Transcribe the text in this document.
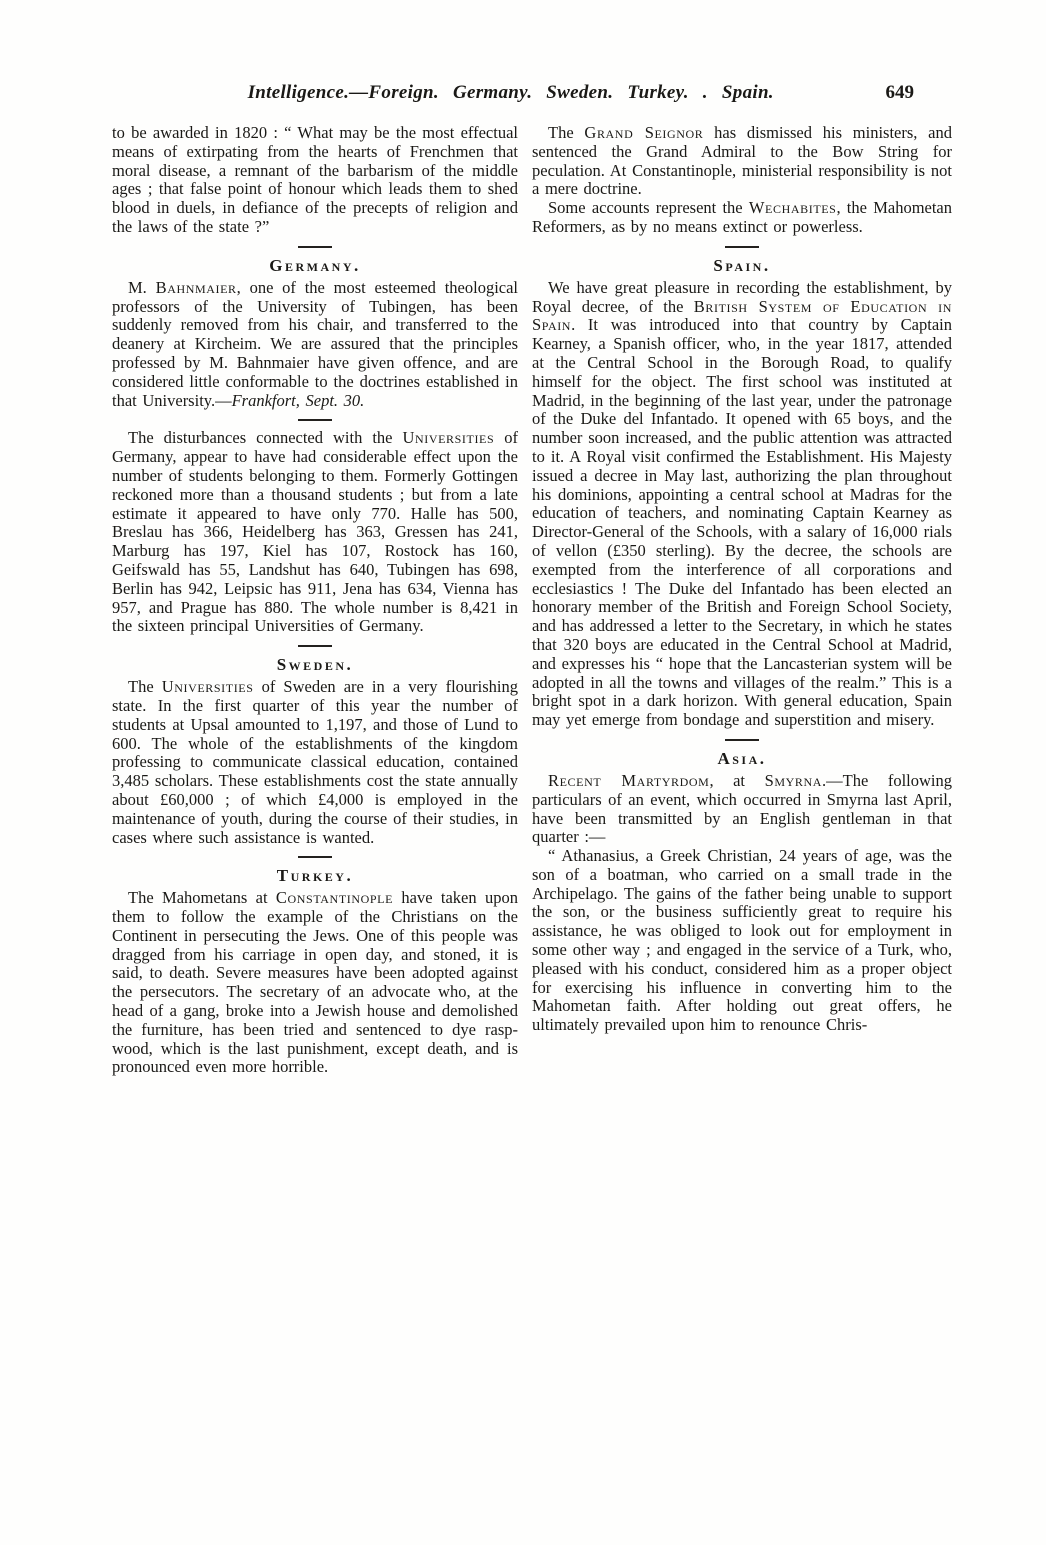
Intelligence.—Foreign. Germany. Sweden. Turkey. . Spain.	649

to be awarded in 1820 : “ What may be the most effectual means of extirpating from the hearts of Frenchmen that moral disease, a remnant of the barbarism of the middle ages ; that false point of honour which leads them to shed blood in duels, in defiance of the precepts of religion and the laws of the state ?”

Germany.

M. Bahnmaier, one of the most esteemed theological professors of the University of Tubingen, has been suddenly removed from his chair, and transferred to the deanery at Kircheim. We are assured that the principles professed by M. Bahnmaier have given offence, and are considered little conformable to the doctrines established in that University.—Frankfort, Sept. 30.

The disturbances connected with the Universities of Germany, appear to have had considerable effect upon the number of students belonging to them. Formerly Gottingen reckoned more than a thousand students ; but from a late estimate it appeared to have only 770. Halle has 500, Breslau has 366, Heidelberg has 363, Gressen has 241, Marburg has 197, Kiel has 107, Rostock has 160, Geifswald has 55, Landshut has 640, Tubingen has 698, Berlin has 942, Leipsic has 911, Jena has 634, Vienna has 957, and Prague has 880. The whole number is 8,421 in the sixteen principal Universities of Germany.

Sweden.

The Universities of Sweden are in a very flourishing state. In the first quarter of this year the number of students at Upsal amounted to 1,197, and those of Lund to 600. The whole of the establishments of the kingdom professing to communicate classical education, contained 3,485 scholars. These establishments cost the state annually about £60,000 ; of which £4,000 is employed in the maintenance of youth, during the course of their studies, in cases where such assistance is wanted.

Turkey.

The Mahometans at Constantinople have taken upon them to follow the example of the Christians on the Continent in persecuting the Jews. One of this people was dragged from his carriage in open day, and stoned, it is said, to death. Severe measures have been adopted against the persecutors. The secretary of an advocate who, at the head of a gang, broke into a Jewish house and demolished the furniture, has been tried and sentenced to dye rasp-wood, which is the last punishment, except death, and is pronounced even more horrible.

The Grand Seignor has dismissed his ministers, and sentenced the Grand Admiral to the Bow String for peculation. At Constantinople, ministerial responsibility is not a mere doctrine.

Some accounts represent the Wechabites, the Mahometan Reformers, as by no means extinct or powerless.

Spain.

We have great pleasure in recording the establishment, by Royal decree, of the British System of Education in Spain. It was introduced into that country by Captain Kearney, a Spanish officer, who, in the year 1817, attended at the Central School in the Borough Road, to qualify himself for the object. The first school was instituted at Madrid, in the beginning of the last year, under the patronage of the Duke del Infantado. It opened with 65 boys, and the number soon increased, and the public attention was attracted to it. A Royal visit confirmed the Establishment. His Majesty issued a decree in May last, authorizing the plan throughout his dominions, appointing a central school at Madras for the education of teachers, and nominating Captain Kearney as Director-General of the Schools, with a salary of 16,000 rials of vellon (£350 sterling). By the decree, the schools are exempted from the interference of all corporations and ecclesiastics ! The Duke del Infantado has been elected an honorary member of the British and Foreign School Society, and has addressed a letter to the Secretary, in which he states that 320 boys are educated in the Central School at Madrid, and expresses his “ hope that the Lancasterian system will be adopted in all the towns and villages of the realm.” This is a bright spot in a dark horizon. With general education, Spain may yet emerge from bondage and superstition and misery.

Asia.

Recent Martyrdom, at Smyrna.—The following particulars of an event, which occurred in Smyrna last April, have been transmitted by an English gentleman in that quarter :—

“ Athanasius, a Greek Christian, 24 years of age, was the son of a boatman, who carried on a small trade in the Archipelago. The gains of the father being unable to support the son, or the business sufficiently great to require his assistance, he was obliged to look out for employment in some other way ; and engaged in the service of a Turk, who, pleased with his conduct, considered him as a proper object for exercising his influence in converting him to the Mahometan faith. After holding out great offers, he ultimately prevailed upon him to renounce Chris-
